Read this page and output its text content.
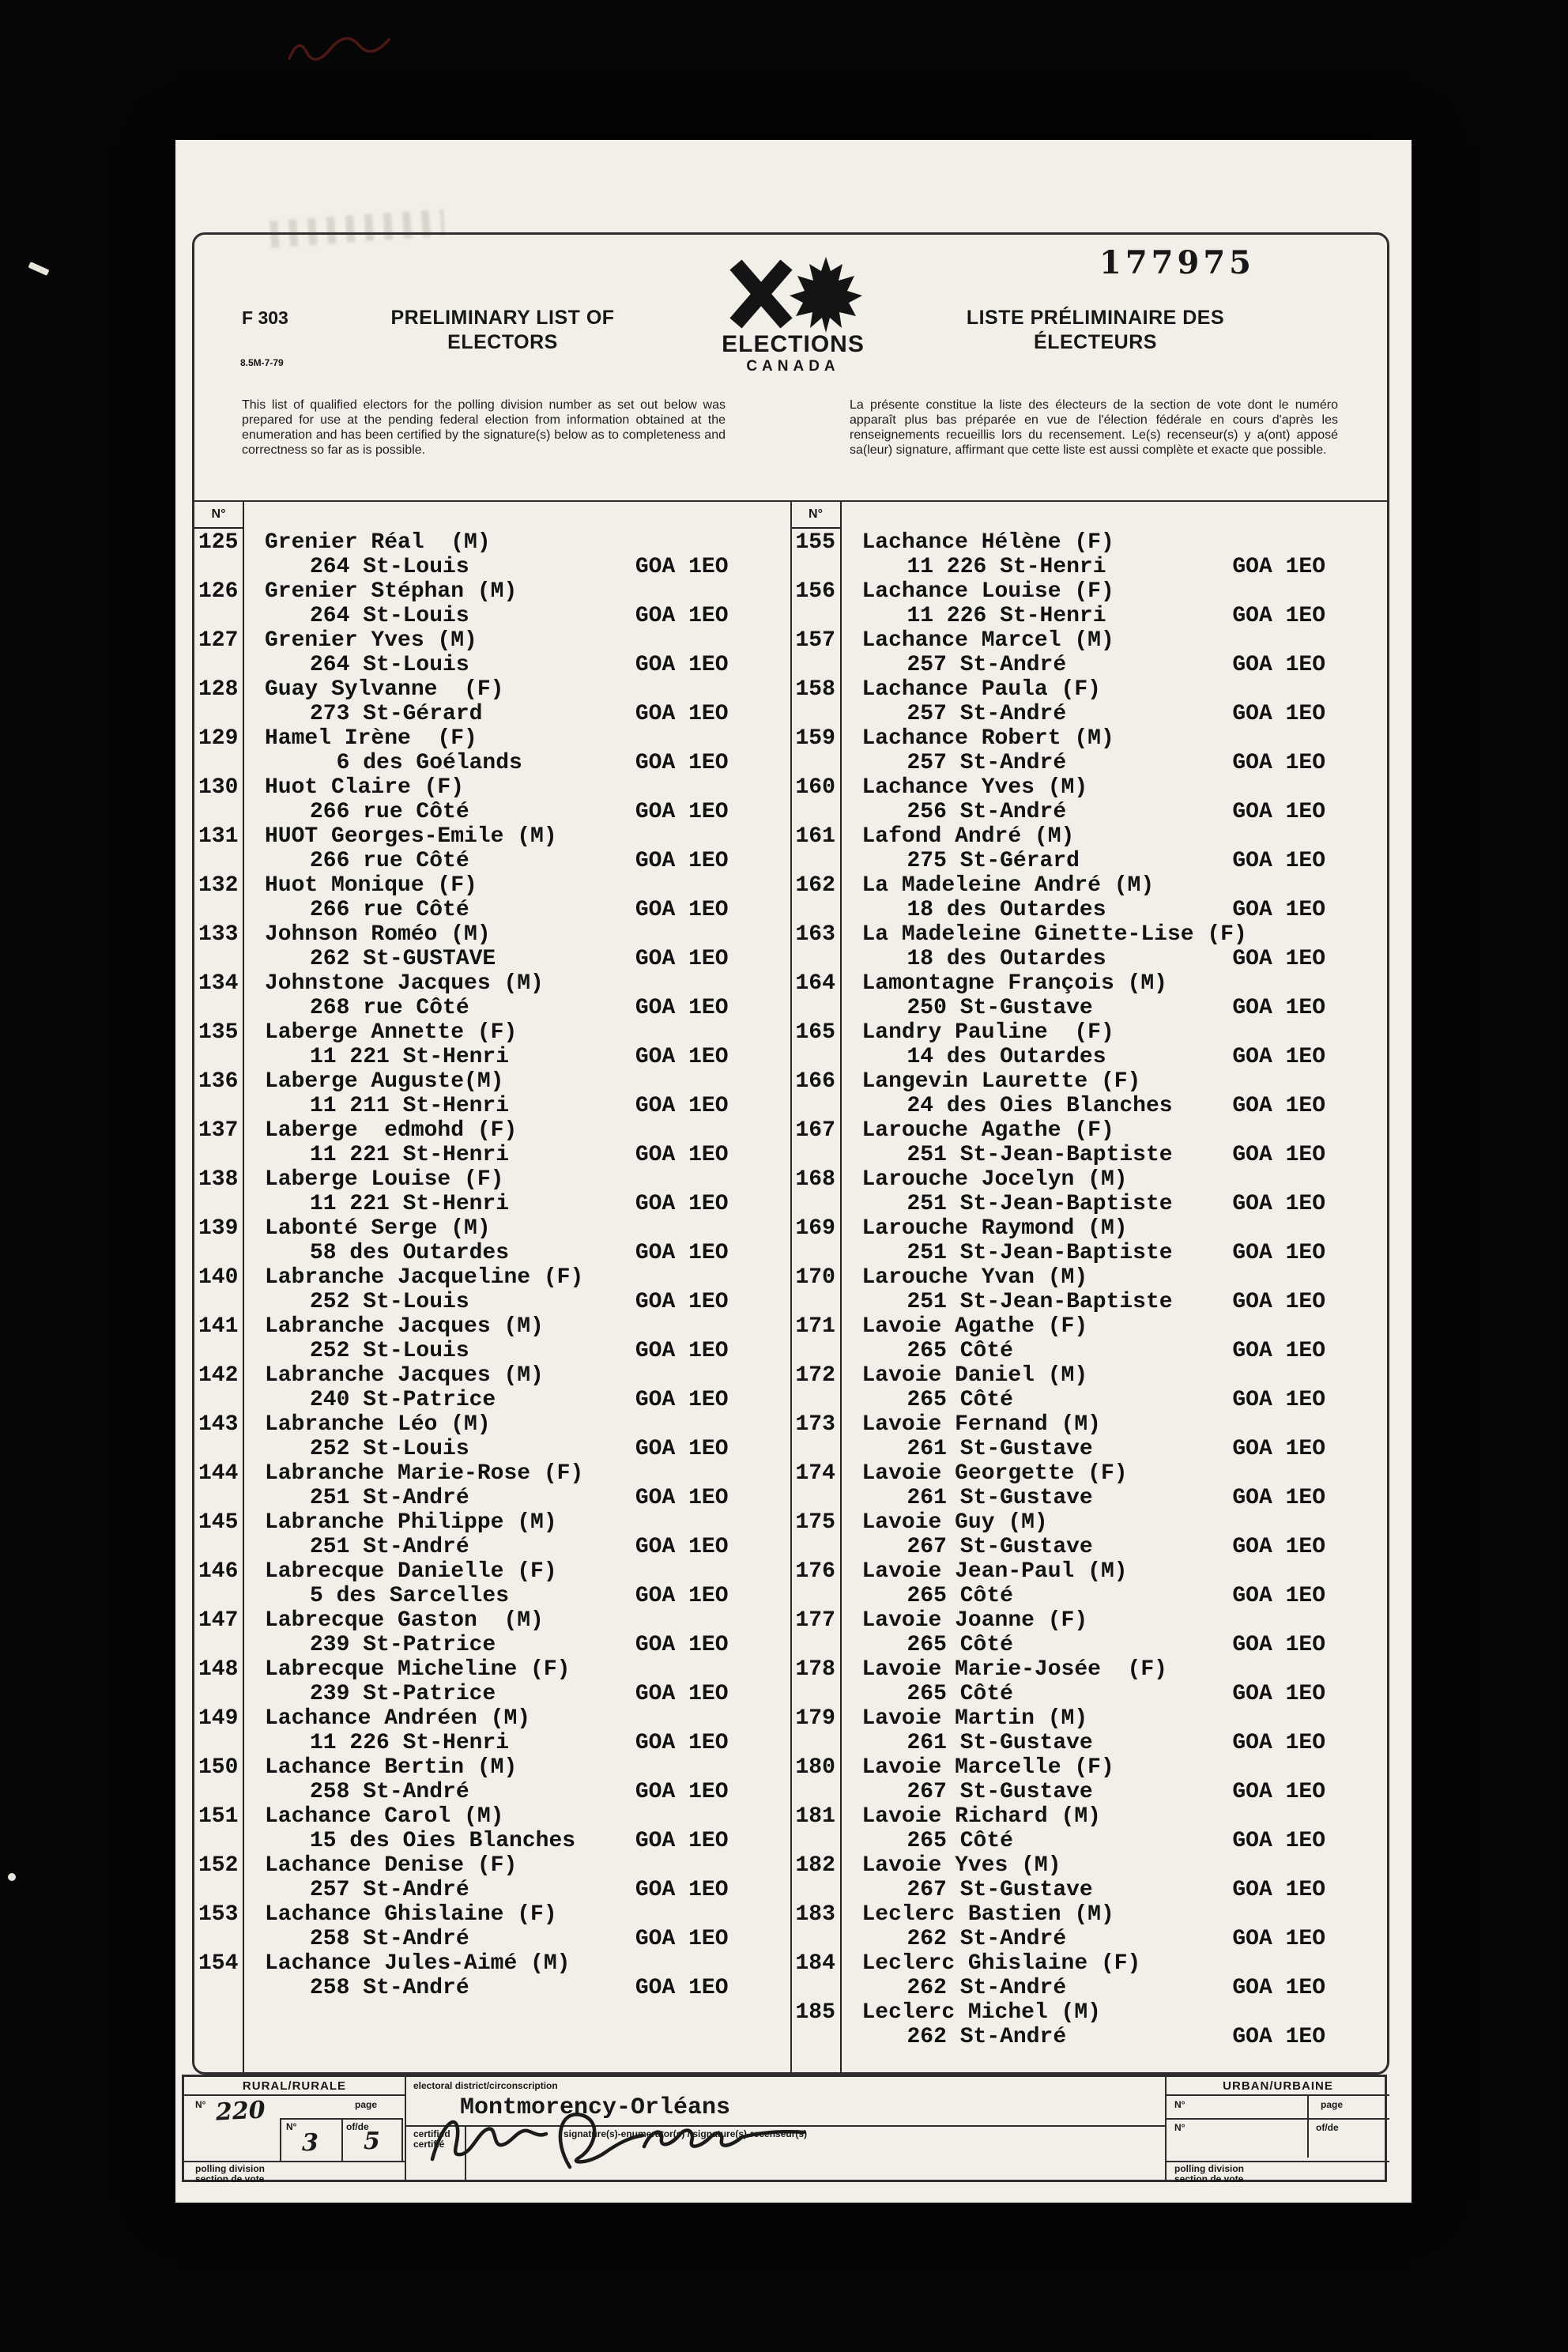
177975
F 303
8.5M-7-79
PRELIMINARY LIST OF
ELECTORS	ELECTIONS
CANADA
LISTE PRÉLIMINAIRE DES
ÉLECTEURS
This list of qualified electors for the polling division number as set out below was prepared for use at the pending federal election from information obtained at the enumeration and has been certified by the signature(s) below as to completeness and correctness so far as is possible.
La présente constitue la liste des électeurs de la section de vote dont le numéro apparaît plus bas préparée en vue de l'élection fédérale en cours d'après les renseignements recueillis lors du recensement. Le(s) recenseur(s) y a(ont) apposé sa(leur) signature, affirmant que cette liste est aussi complète et exacte que possible.
N°
125	Grenier Réal  (M)
264 St-Louis	GOA 1EO
126	Grenier Stéphan (M)
264 St-Louis	GOA 1EO
127	Grenier Yves (M)
264 St-Louis	GOA 1EO
128	Guay Sylvanne  (F)
273 St-Gérard	GOA 1EO
129	Hamel Irène  (F)
6 des Goélands	GOA 1EO
130	Huot Claire (F)
266 rue Côté	GOA 1EO
131	HUOT Georges-Emile (M)
266 rue Côté	GOA 1EO
132	Huot Monique (F)
266 rue Côté	GOA 1EO
133	Johnson Roméo (M)
262 St-GUSTAVE	GOA 1EO
134	Johnstone Jacques (M)
268 rue Côté	GOA 1EO
135	Laberge Annette (F)
11 221 St-Henri	GOA 1EO
136	Laberge Auguste(M)
11 211 St-Henri	GOA 1EO
137	Laberge  edmohd (F)
11 221 St-Henri	GOA 1EO
138	Laberge Louise (F)
11 221 St-Henri	GOA 1EO
139	Labonté Serge (M)
58 des Outardes	GOA 1EO
140	Labranche Jacqueline (F)
252 St-Louis	GOA 1EO
141	Labranche Jacques (M)
252 St-Louis	GOA 1EO
142	Labranche Jacques (M)
240 St-Patrice	GOA 1EO
143	Labranche Léo (M)
252 St-Louis	GOA 1EO
144	Labranche Marie-Rose (F)
251 St-André	GOA 1EO
145	Labranche Philippe (M)
251 St-André	GOA 1EO
146	Labrecque Danielle (F)
5 des Sarcelles	GOA 1EO
147	Labrecque Gaston  (M)
239 St-Patrice	GOA 1EO
148	Labrecque Micheline (F)
239 St-Patrice	GOA 1EO
149	Lachance Andréen (M)
11 226 St-Henri	GOA 1EO
150	Lachance Bertin (M)
258 St-André	GOA 1EO
151	Lachance Carol (M)
15 des Oies Blanches	GOA 1EO
152	Lachance Denise (F)
257 St-André	GOA 1EO
153	Lachance Ghislaine (F)
258 St-André	GOA 1EO
154	Lachance Jules-Aimé (M)
258 St-André	GOA 1EO
N°
155	Lachance Hélène (F)
11 226 St-Henri	GOA 1EO
156	Lachance Louise (F)
11 226 St-Henri	GOA 1EO
157	Lachance Marcel (M)
257 St-André	GOA 1EO
158	Lachance Paula (F)
257 St-André	GOA 1EO
159	Lachance Robert (M)
257 St-André	GOA 1EO
160	Lachance Yves (M)
256 St-André	GOA 1EO
161	Lafond André (M)
275 St-Gérard	GOA 1EO
162	La Madeleine André (M)
18 des Outardes	GOA 1EO
163	La Madeleine Ginette-Lise (F)
18 des Outardes	GOA 1EO
164	Lamontagne François (M)
250 St-Gustave	GOA 1EO
165	Landry Pauline  (F)
14 des Outardes	GOA 1EO
166	Langevin Laurette (F)
24 des Oies Blanches	GOA 1EO
167	Larouche Agathe (F)
251 St-Jean-Baptiste	GOA 1EO
168	Larouche Jocelyn (M)
251 St-Jean-Baptiste	GOA 1EO
169	Larouche Raymond (M)
251 St-Jean-Baptiste	GOA 1EO
170	Larouche Yvan (M)
251 St-Jean-Baptiste	GOA 1EO
171	Lavoie Agathe (F)
265 Côté	GOA 1EO
172	Lavoie Daniel (M)
265 Côté	GOA 1EO
173	Lavoie Fernand (M)
261 St-Gustave	GOA 1EO
174	Lavoie Georgette (F)
261 St-Gustave	GOA 1EO
175	Lavoie Guy (M)
267 St-Gustave	GOA 1EO
176	Lavoie Jean-Paul (M)
265 Côté	GOA 1EO
177	Lavoie Joanne (F)
265 Côté	GOA 1EO
178	Lavoie Marie-Josée  (F)
265 Côté	GOA 1EO
179	Lavoie Martin (M)
261 St-Gustave	GOA 1EO
180	Lavoie Marcelle (F)
267 St-Gustave	GOA 1EO
181	Lavoie Richard (M)
265 Côté	GOA 1EO
182	Lavoie Yves (M)
267 St-Gustave	GOA 1EO
183	Leclerc Bastien (M)
262 St-André	GOA 1EO
184	Leclerc Ghislaine (F)
262 St-André	GOA 1EO
185	Leclerc Michel (M)
262 St-André	GOA 1EO
RURAL/RURALE
N° 220	page
N°
3
of/de
5
polling division
section de vote
electoral district/circonscription
Montmorency-Orléans
certified
certifié
signature(s)-enumerator(s) / signature(s)-recenseur(s)
URBAN/URBAINE
N°	page
N°	of/de
polling division
section de vote
